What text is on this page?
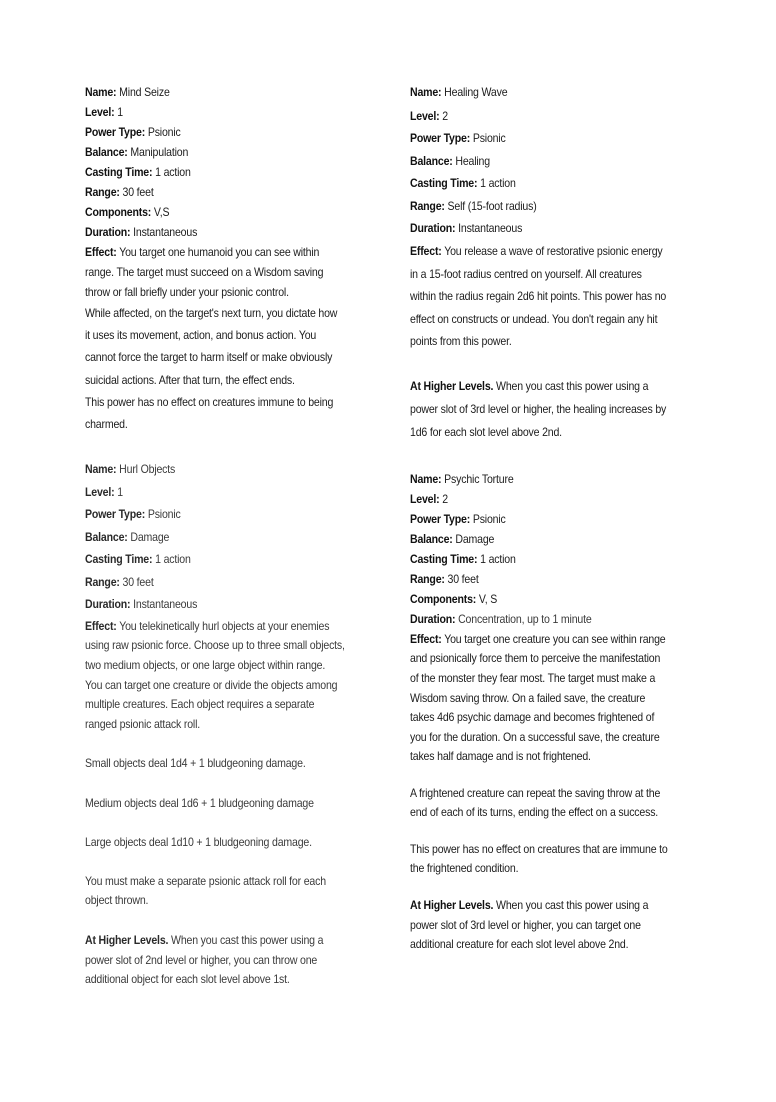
Name: Mind Seize
Level: 1
Power Type: Psionic
Balance: Manipulation
Casting Time: 1 action
Range: 30 feet
Components: V,S
Duration: Instantaneous
Effect: You target one humanoid you can see within
range. The target must succeed on a Wisdom saving
throw or fall briefly under your psionic control.
While affected, on the target's next turn, you dictate how
it uses its movement, action, and bonus action. You
cannot force the target to harm itself or make obviously
suicidal actions. After that turn, the effect ends.
This power has no effect on creatures immune to being
charmed.
Name: Hurl Objects
Level: 1
Power Type: Psionic
Balance: Damage
Casting Time: 1 action
Range: 30 feet
Duration: Instantaneous
Effect: You telekinetically hurl objects at your enemies
using raw psionic force. Choose up to three small objects,
two medium objects, or one large object within range.
You can target one creature or divide the objects among
multiple creatures. Each object requires a separate
ranged psionic attack roll.
Small objects deal 1d4 + 1 bludgeoning damage.
Medium objects deal 1d6 + 1 bludgeoning damage
Large objects deal 1d10 + 1 bludgeoning damage.
You must make a separate psionic attack roll for each
object thrown.
At Higher Levels. When you cast this power using a
power slot of 2nd level or higher, you can throw one
additional object for each slot level above 1st.
Name: Healing Wave
Level: 2
Power Type: Psionic
Balance: Healing
Casting Time: 1 action
Range: Self (15-foot radius)
Duration: Instantaneous
Effect: You release a wave of restorative psionic energy
in a 15-foot radius centred on yourself. All creatures
within the radius regain 2d6 hit points. This power has no
effect on constructs or undead. You don't regain any hit
points from this power.
At Higher Levels. When you cast this power using a
power slot of 3rd level or higher, the healing increases by
1d6 for each slot level above 2nd.
Name: Psychic Torture
Level: 2
Power Type: Psionic
Balance: Damage
Casting Time: 1 action
Range: 30 feet
Components: V, S
Duration: Concentration, up to 1 minute
Effect: You target one creature you can see within range
and psionically force them to perceive the manifestation
of the monster they fear most. The target must make a
Wisdom saving throw. On a failed save, the creature
takes 4d6 psychic damage and becomes frightened of
you for the duration. On a successful save, the creature
takes half damage and is not frightened.
A frightened creature can repeat the saving throw at the
end of each of its turns, ending the effect on a success.
This power has no effect on creatures that are immune to
the frightened condition.
At Higher Levels. When you cast this power using a
power slot of 3rd level or higher, you can target one
additional creature for each slot level above 2nd.
